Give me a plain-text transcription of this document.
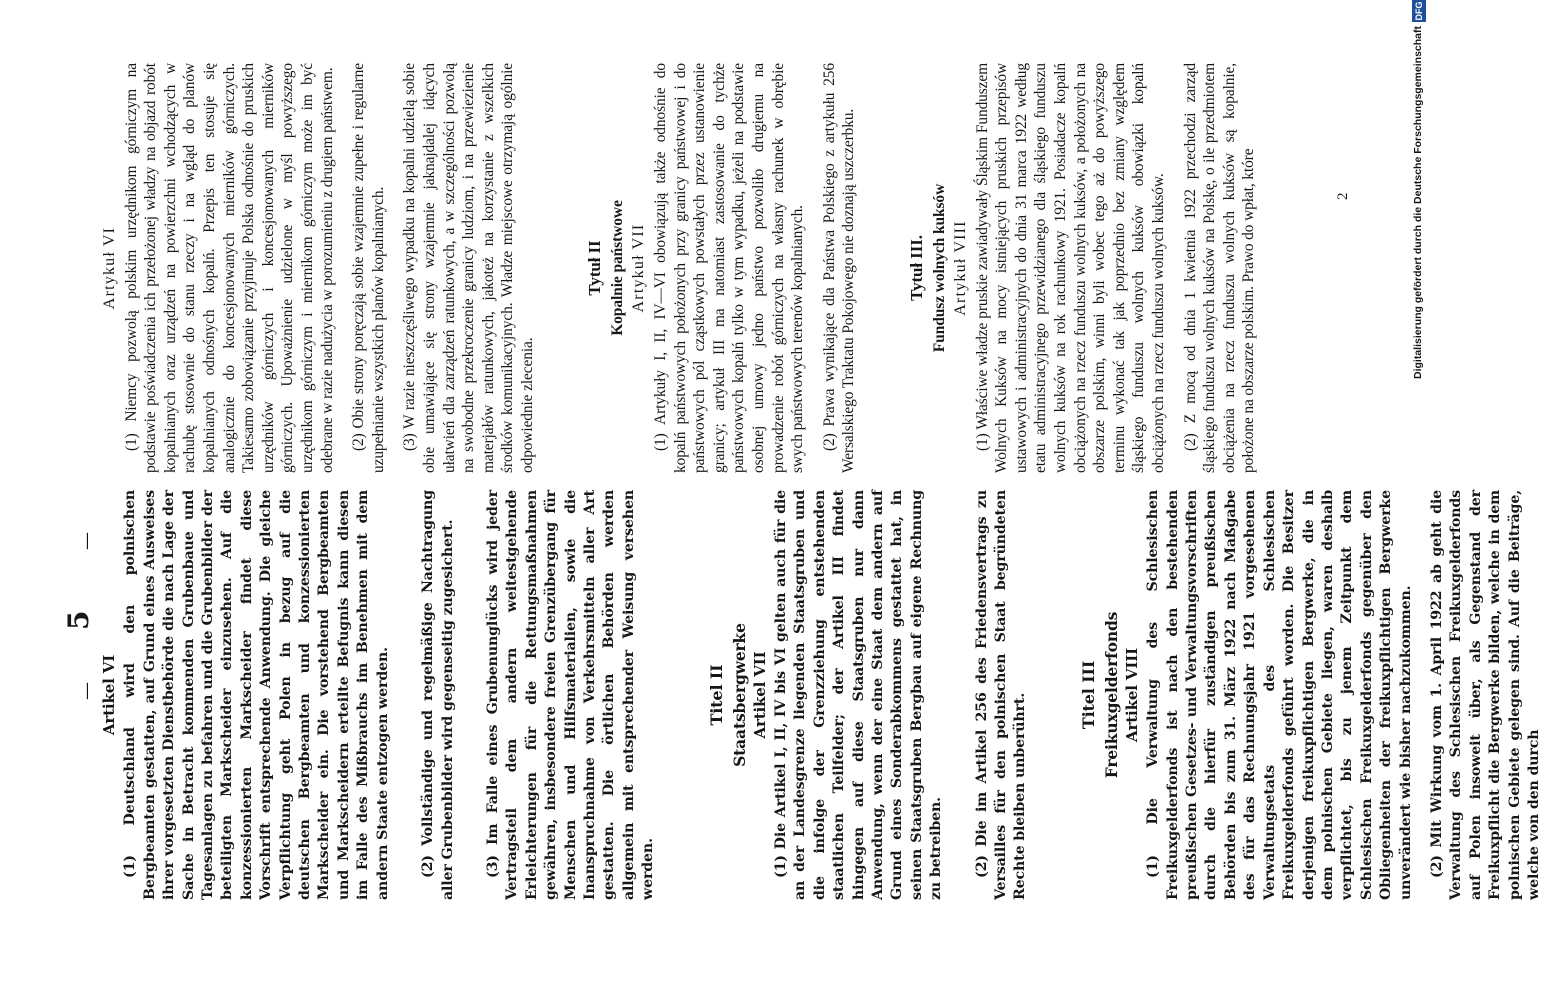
—
5
—
Artikel VI (1) Deutschland wird den polnischen Bergbeamten gestatten, auf Grund eines Ausweises ihrer vorgesetzten Dienstbehörde die nach Lage der Sache in Betracht kommenden Grubenbaue und Tagesanlagen zu befahren und die Grubenbilder der beteiligten Markscheider einzusehen. Auf die konzessionierten Markscheider findet diese Vorschrift entsprechende Anwendung. Die gleiche Verpflichtung geht Polen in bezug auf die deutschen Bergbeamten und konzessionierten Markscheider ein. Die vorstehend Bergbeamten und Markscheidern erteilte Befugnis kann diesen im Falle des Mißbrauchs im Benehmen mit dem andern Staate entzogen werden. (2) Vollständige und regelmäßige Nachtragung aller Grubenbilder wird gegenseitig zugesichert. (3) Im Falle eines Grubenunglücks wird jeder Vertragsteil dem andern weitestgehende Erleichterungen für die Rettungsmaßnahmen gewähren, insbesondere freien Grenzübergang für Menschen und Hilfsmaterialien, sowie die Inanspruchnahme von Verkehrsmitteln aller Art gestatten. Die örtlichen Behörden werden allgemein mit entsprechender Weisung versehen werden.

Titel II Staatsbergwerke Artikel VII (1) Die Artikel I, II, IV bis VI gelten auch für die an der Landesgrenze liegenden Staatsgruben und die infolge der Grenzziehung entstehenden staatlichen Teilfelder; der Artikel III findet hingegen auf diese Staatsgruben nur dann Anwendung, wenn der eine Staat dem andern auf Grund eines Sonderabkommens gestattet hat, in seinen Staatsgruben Bergbau auf eigene Rechnung zu betreiben. (2) Die im Artikel 256 des Friedensvertrags zu Versailles für den polnischen Staat begründeten Rechte bleiben unberührt.	Titel III Freikuxgelderfonds Artikel VIII (1) Die Verwaltung des Schlesischen Freikuxgelderfonds ist nach den bestehenden preußischen Gesetzes- und Verwaltungsvorschriften durch die hierfür zuständigen preußischen Behörden bis zum 31. März 1922 nach Maßgabe des für das Rechnungsjahr 1921 vorgesehenen Verwaltungsetats des Schlesischen Freikuxgelderfonds geführt worden. Die Besitzer derjenigen freikuxpflichtigen Bergwerke, die in dem polnischen Gebiete liegen, waren deshalb verpflichtet, bis zu jenem Zeitpunkt dem Schlesischen Freikuxgelderfonds gegenüber den Obliegenheiten der freikuxpflichtigen Bergwerke unverändert wie bisher nachzukommen. (2) Mit Wirkung vom 1. April 1922 ab geht die Verwaltung des Schlesischen Freikuxgelderfonds auf Polen insoweit über, als Gegenstand der Freikuxpflicht die Bergwerke bilden, welche in dem polnischen Gebiete gelegen sind. Auf die Beiträge, welche von den durch

Artykuł VI (1) Niemcy pozwolą polskim urzędnikom górniczym na podstawie poświadczenia ich przełożonej władzy na objazd robót kopalnianych oraz urządzeń na powierzchni wchodzących w rachubę stosownie do stanu rzeczy i na wgląd do planów kopalnianych odnośnych kopalń. Przepis ten stosuje się analogicznie do koncesjonowanych mierników górniczych. Takiesamo zobowiązanie przyjmuje Polska odnośnie do pruskich urzędników górniczych i koncesjonowanych mierników górniczych. Upoważnienie udzielone w myśl powyższego urzędnikom górniczym i miernikom górniczym może im być odebrane w razie nadużycia w porozumieniu z drugiem państwem. (2) Obie strony poręczają sobie wzajemnie zupełne i regularne uzupełnianie wszystkich planów kopalnianych. (3) W razie nieszczęśliwego wypadku na kopalni udzielą sobie obie umawiające się strony wzajemnie jaknajdalej idących ułatwień dla zarządzeń ratunkowych, a w szczególności pozwolą na swobodne przekroczenie granicy ludziom, i na przewiezienie materjałów ratunkowych, jakoteż na korzystanie z wszelkich środków komunikacyjnych. Władze miejscowe otrzymają ogólnie odpowiednie zlecenia.

Tytuł II Kopalnie państwowe Artykuł VII (1) Artykuły I, II, IV—VI obowiązują także odnośnie do kopalń państwowych położonych przy granicy państwowej i do państwowych pól cząstkowych powstałych przez ustanowienie granicy; artykuł III ma natomiast zastosowanie do tychże państwowych kopalń tylko w tym wypadku, jeżeli na podstawie osobnej umowy jedno państwo pozwoliło drugiemu na prowadzenie robót górniczych na własny rachunek w obrębie swych państwowych terenów kopalnianych. (2) Prawa wynikające dla Państwa Polskiego z artykułu 256 Wersalskiego Traktatu Pokojowego nie doznają uszczerbku.	Tytuł III. Fundusz wolnych kuksów Artykuł VIII (1) Właściwe władze pruskie zawiadywały Śląskim Funduszem Wolnych Kuksów na mocy istniejących pruskich przepisów ustawowych i administracyjnych do dnia 31 marca 1922 według etatu administracyjnego przewidzianego dla śląskiego funduszu wolnych kuksów na rok rachunkowy 1921. Posiadacze kopalń obciążonych na rzecz funduszu wolnych kuksów, a położonych na obszarze polskim, winni byli wobec tego aż do powyższego terminu wykonać tak jak poprzednio bez zmiany względem śląskiego funduszu wolnych kuksów obowiązki kopalń obciążonych na rzecz funduszu wolnych kuksów. (2) Z mocą od dnia 1 kwietnia 1922 przechodzi zarząd śląskiego funduszu wolnych kuksów na Polskę, o ile przedmiotem obciążenia na rzecz funduszu wolnych kuksów są kopalnie, położone na obszarze polskim. Prawo do wpłat, które	2	Digitalisierung gefördert durch die Deutsche Forschungsgemeinschaft
DFG
